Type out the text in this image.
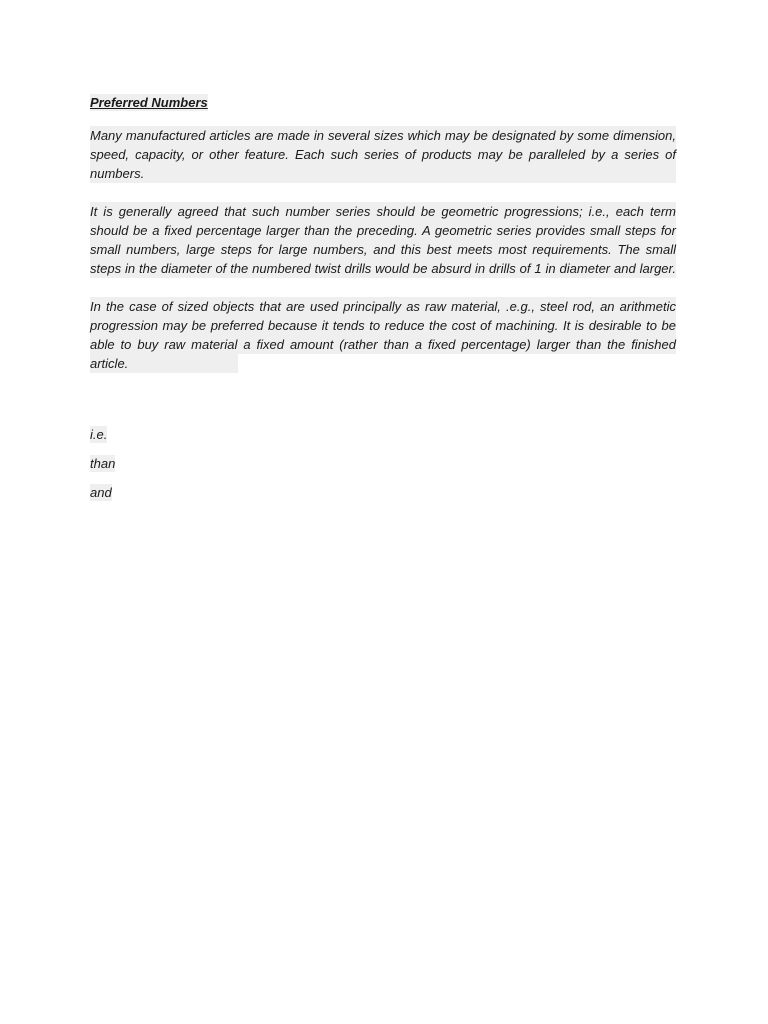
Preferred Numbers

Many manufactured articles are made in several sizes which may be designated by some dimension, speed, capacity, or other feature. Each such series of products may be paralleled by a series of numbers.

It is generally agreed that such number series should be geometric progressions; i.e., each term should be a fixed percentage larger than the preceding. A geometric series provides small steps for small numbers, large steps for large numbers, and this best meets most requirements. The small steps in the diameter of the numbered twist drills would be absurd in drills of 1 in diameter and larger.

In the case of sized objects that are used principally as raw material, .e.g., steel rod, an arithmetic progression may be preferred because it tends to reduce the cost of machining. It is desirable to be able to buy raw material a fixed amount (rather than a fixed percentage) larger than the finished article.

i.e.
than
and
